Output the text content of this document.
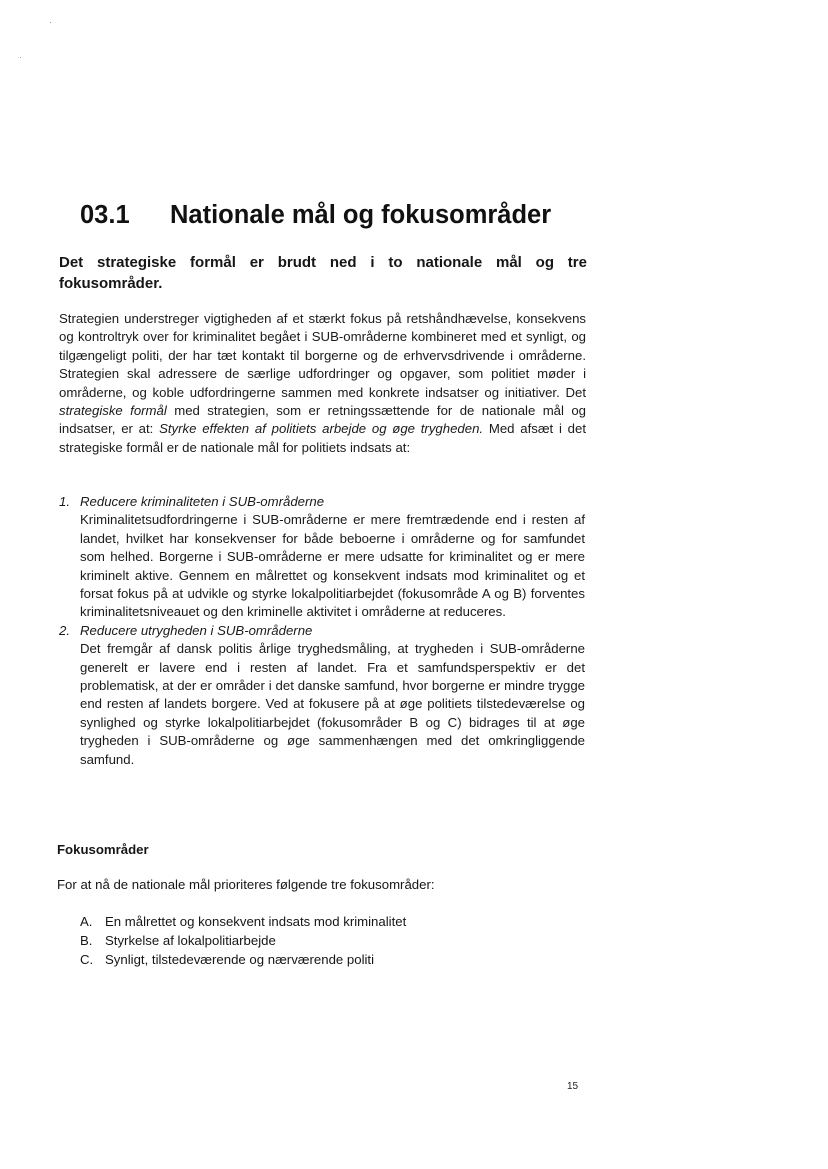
03.1 Nationale mål og fokusområder

Det strategiske formål er brudt ned i to nationale mål og tre fokusområder.

Strategien understreger vigtigheden af et stærkt fokus på retshåndhævelse, konsekvens og kontroltryk over for kriminalitet begået i SUB-områderne kombineret med et synligt, og tilgængeligt politi, der har tæt kontakt til borgerne og de erhvervsdrivende i områderne. Strategien skal adressere de særlige udfordringer og opgaver, som politiet møder i områderne, og koble udfordringerne sammen med konkrete indsatser og initiativer. Det strategiske formål med strategien, som er retningssættende for de nationale mål og indsatser, er at: Styrke effekten af politiets arbejde og øge trygheden. Med afsæt i det strategiske formål er de nationale mål for politiets indsats at:

1. Reducere kriminaliteten i SUB-områderne

Kriminalitetsudfordringerne i SUB-områderne er mere fremtrædende end i resten af landet, hvilket har konsekvenser for både beboerne i områderne og for samfundet som helhed. Borgerne i SUB-områderne er mere udsatte for kriminalitet og er mere kriminelt aktive. Gennem en målrettet og konsekvent indsats mod kriminalitet og et forsat fokus på at udvikle og styrke lokalpolitiarbejdet (fokusområde A og B) forventes kriminalitetsniveauet og den kriminelle aktivitet i områderne at reduceres.

2. Reducere utrygheden i SUB-områderne

Det fremgår af dansk politis årlige tryghedsmåling, at trygheden i SUB-områderne generelt er lavere end i resten af landet. Fra et samfundsperspektiv er det problematisk, at der er områder i det danske samfund, hvor borgerne er mindre trygge end resten af landets borgere. Ved at fokusere på at øge politiets tilstedeværelse og synlighed og styrke lokalpolitiarbejdet (fokusområder B og C) bidrages til at øge trygheden i SUB-områderne og øge sammenhængen med det omkringliggende samfund.

Fokusområder

For at nå de nationale mål prioriteres følgende tre fokusområder:

A. En målrettet og konsekvent indsats mod kriminalitet
B. Styrkelse af lokalpolitiarbejde
C. Synligt, tilstedeværende og nærværende politi
15
